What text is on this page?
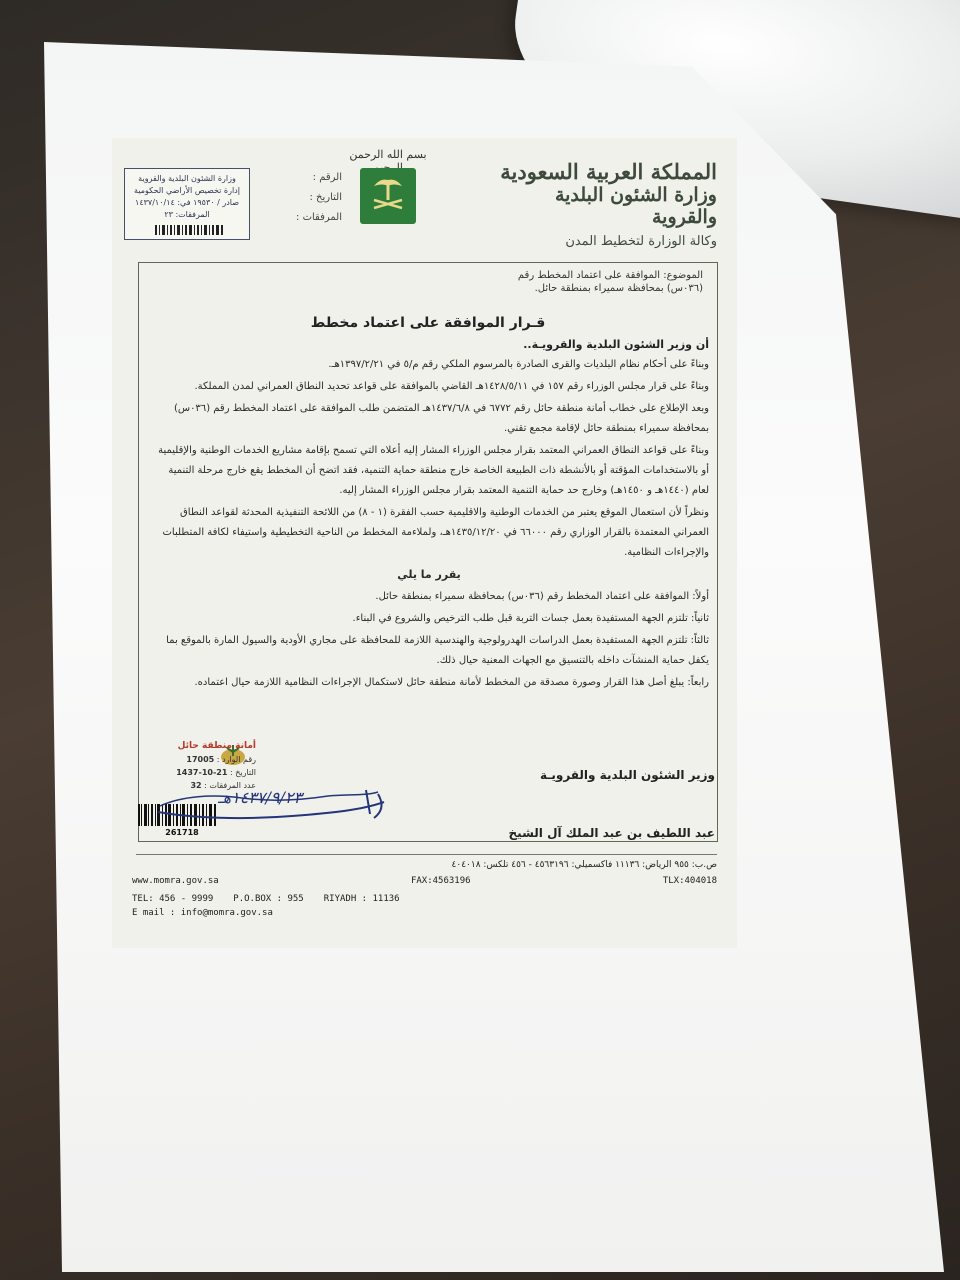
المملكة العربية السعودية
وزارة الشئون البلدية والقروية
وكالة الوزارة لتخطيط المدن
بسم الله الرحمن
الرقم :
التاريخ :
المرفقات :
وزارة الشئون البلدية والقروية
إدارة تخصيص الأراضي الحكومية
صادر / ١٩٥٣٠ في: ١٤٣٧/١٠/١٤
المرفقات: ٢٣
الموضوع: الموافقة على اعتماد المخطط رقم (٠٣٦س) بمحافظة سميراء بمنطقة حائل.
قـرار الموافقة على اعتماد مخطط
أن وزير الشئون البلدية والقرويـة..

وبناءً على أحكام نظام البلديات والقرى الصادرة بالمرسوم الملكي رقم م/٥ في ١٣٩٧/٢/٢١هـ.

وبناءً على قرار مجلس الوزراء رقم ١٥٧ في ١٤٢٨/٥/١١هـ القاضي بالموافقة على قواعد تحديد النطاق العمراني لمدن المملكة.

وبعد الإطلاع على خطاب أمانة منطقة حائل رقم ٦٧٧٢ في ١٤٣٧/٦/٨هـ المتضمن طلب الموافقة على اعتماد المخطط رقم (٠٣٦س) بمحافظة سميراء بمنطقة حائل لإقامة مجمع تقني.

وبناءً على قواعد النطاق العمراني المعتمد بقرار مجلس الوزراء المشار إليه أعلاه التي تسمح بإقامة مشاريع الخدمات الوطنية والإقليمية أو بالاستخدامات المؤقتة أو بالأنشطة ذات الطبيعة الخاصة خارج منطقة حماية التنمية، فقد اتضح أن المخطط يقع خارج مرحلة التنمية لعام (١٤٤٠هـ و ١٤٥٠هـ) وخارج حد حماية التنمية المعتمد بقرار مجلس الوزراء المشار إليه.

ونظراً لأن استعمال الموقع يعتبر من الخدمات الوطنية والاقليمية حسب الفقرة (١ - ٨) من اللائحة التنفيذية المحدثة لقواعد النطاق العمراني المعتمدة بالقرار الوزاري رقم ٦٦٠٠٠ في ١٤٣٥/١٢/٢٠هـ، ولملاءمة المخطط من الناحية التخطيطية واستيفاء لكافة المتطلبات والإجراءات النظامية.

يقرر ما يلي

أولاً: الموافقة على اعتماد المخطط رقم (٠٣٦س) بمحافظة سميراء بمنطقة حائل.

ثانياً: تلتزم الجهة المستفيدة بعمل جسات التربة قبل طلب الترخيص والشروع في البناء.

ثالثاً: تلتزم الجهة المستفيدة بعمل الدراسات الهدرولوجية والهندسية اللازمة للمحافظة على مجاري الأودية والسيول المارة بالموقع بما يكفل حماية المنشآت داخله بالتنسيق مع الجهات المعنية حيال ذلك.

رابعاً: يبلغ أصل هذا القرار وصورة مصدقة من المخطط لأمانة منطقة حائل لاستكمال الإجراءات النظامية اللازمة حيال اعتماده.

أمانة منطقة حائل
رقم الوارد : 17005
التاريخ : 21-10-1437
عدد المرفقات : 32
261718
وزير الشئون البلدية والقرويـة
١٤٣٧/٩/٢٣هـ
عبد اللطيف بن عبد الملك آل الشيخ
ص.ب: ٩٥٥ الرياض: ١١١٣٦ فاكسميلي: ٤٥٦٣١٩٦ - ٤٥٦ تلكس: ٤٠٤٠١٨
www.momra.gov.sa	FAX:4563196	TLX:404018
TEL: 456 - 9999 P.O.BOX : 955 RIYADH : 11136
E mail : info@momra.gov.sa
